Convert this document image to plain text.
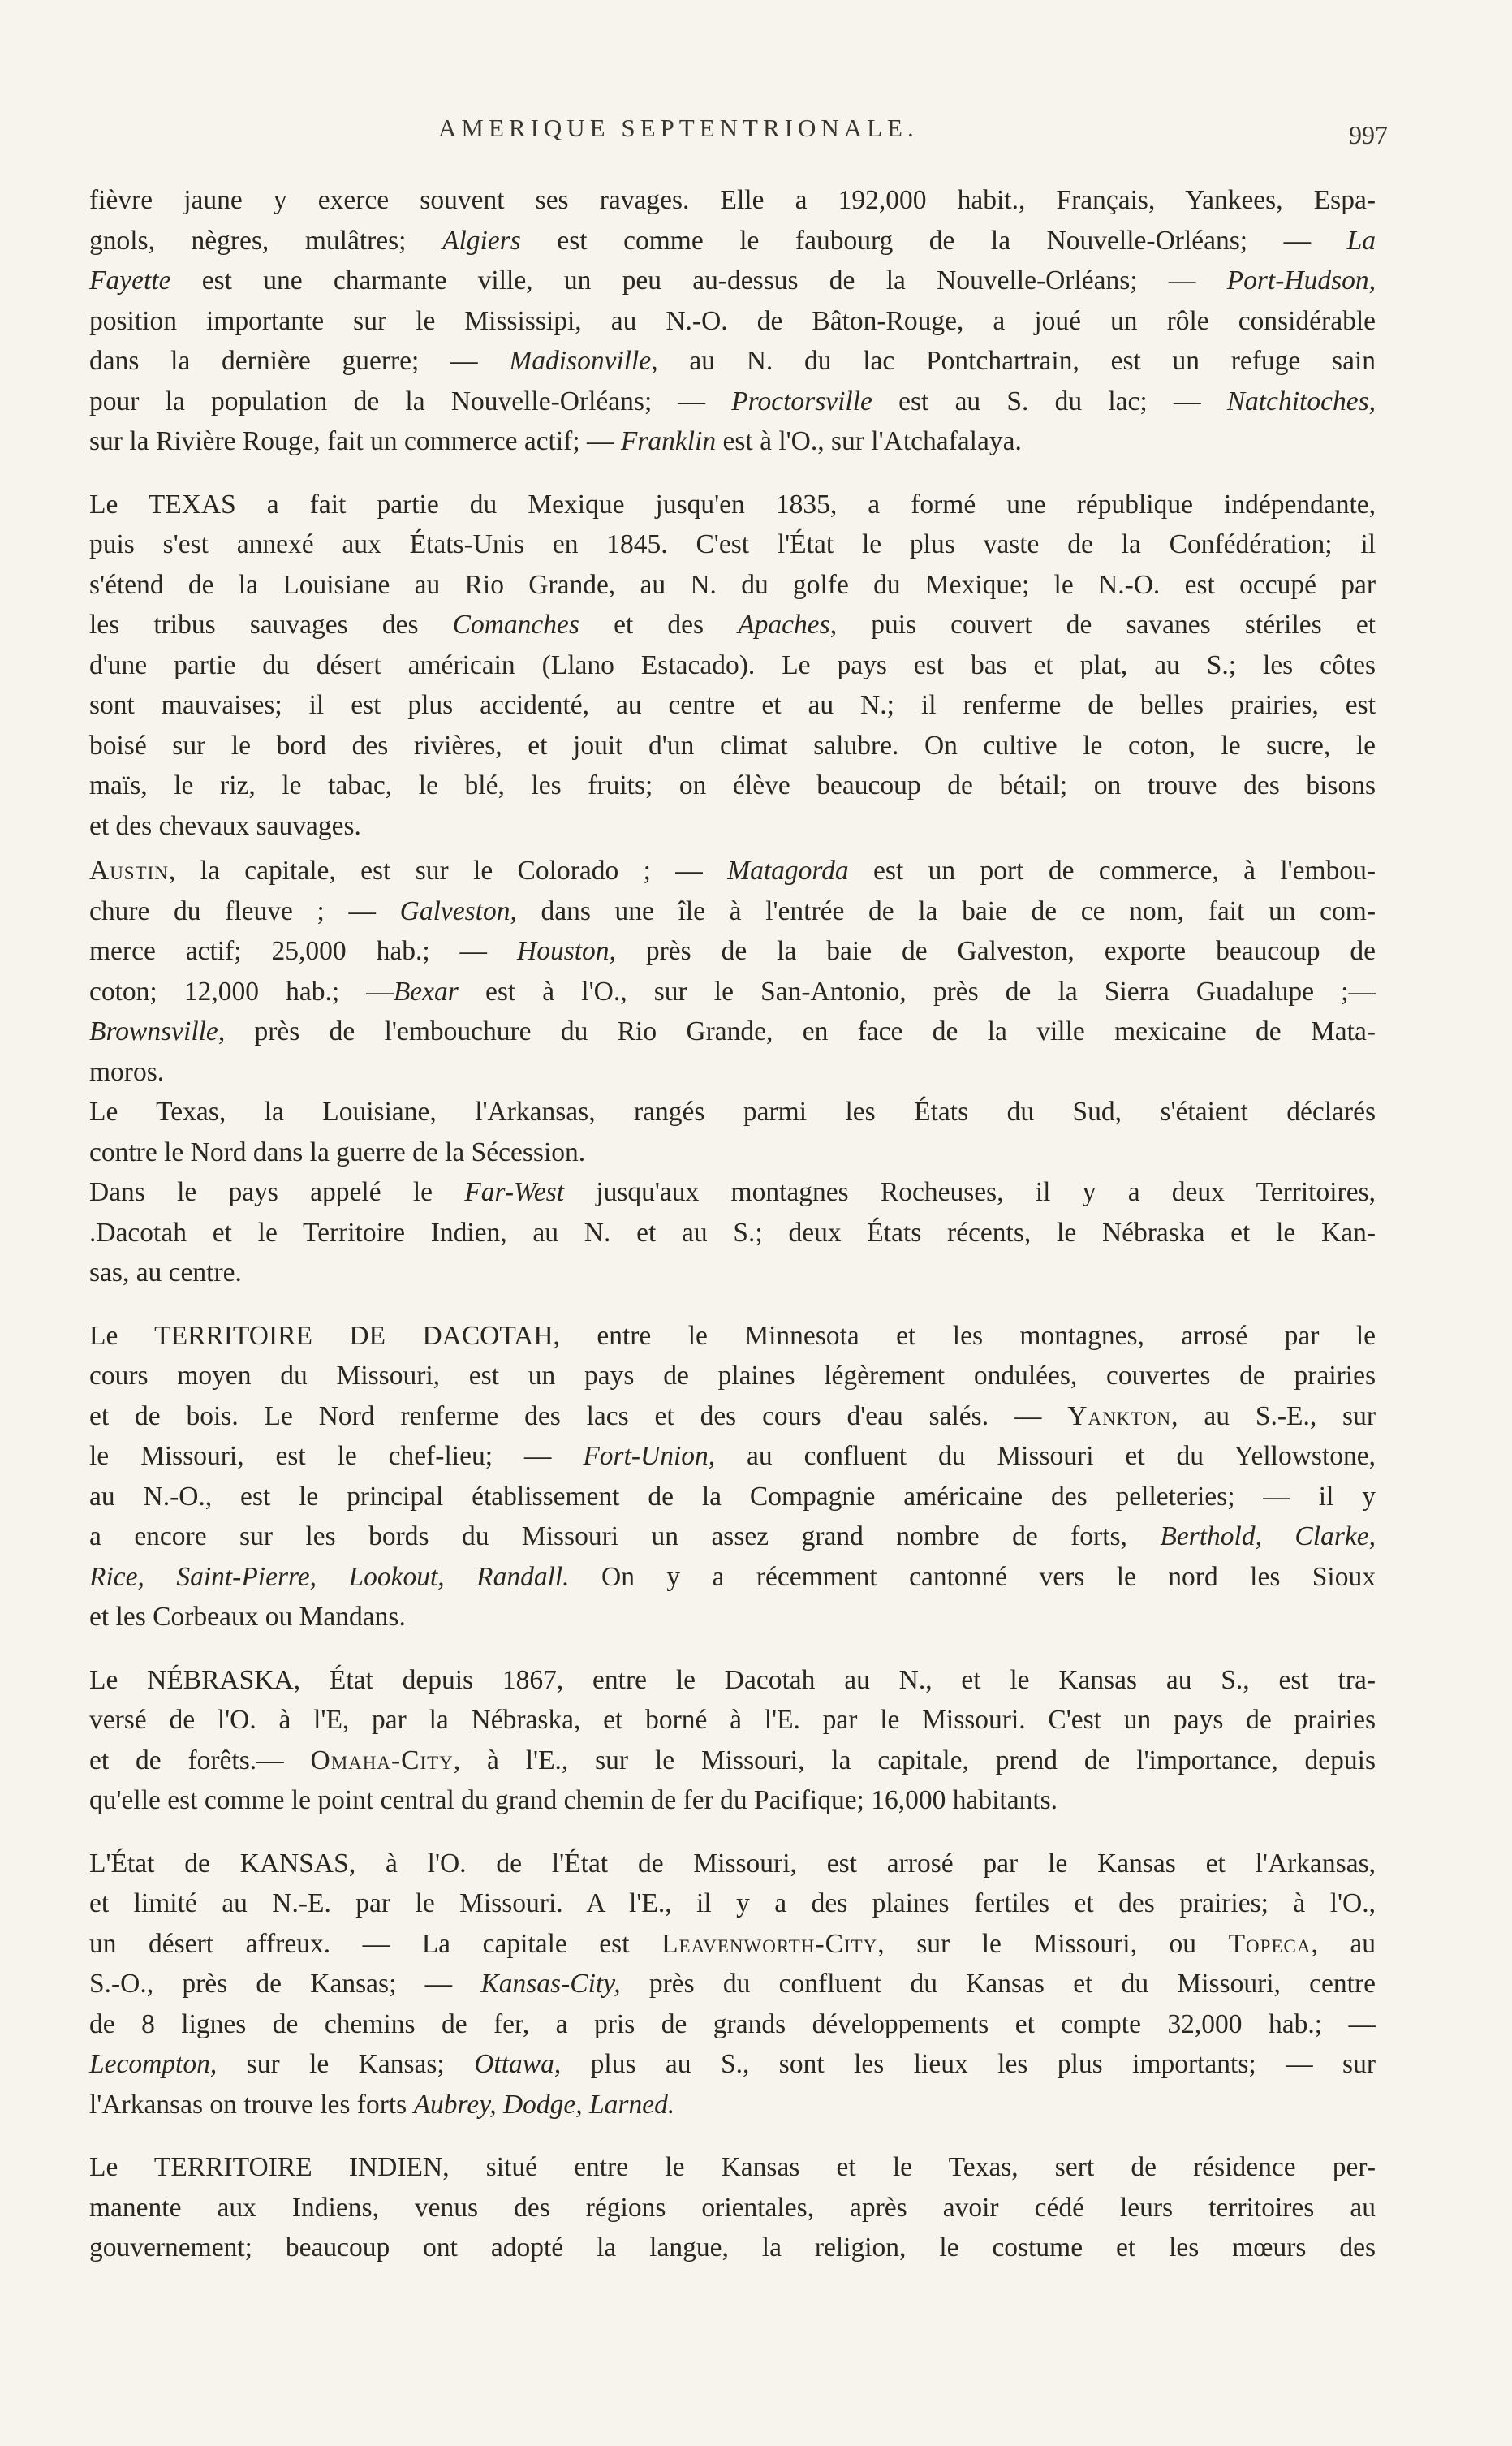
AMERIQUE SEPTENTRIONALE.	997
fièvre jaune y exerce souvent ses ravages. Elle a 192,000 habit., Français, Yankees, Espa-
gnols, nègres, mulâtres; Algiers est comme le faubourg de la Nouvelle-Orléans; — La
Fayette est une charmante ville, un peu au-dessus de la Nouvelle-Orléans; — Port-Hudson,
position importante sur le Mississipi, au N.-O. de Bâton-Rouge, a joué un rôle considérable
dans la dernière guerre; — Madisonville, au N. du lac Pontchartrain, est un refuge sain
pour la population de la Nouvelle-Orléans; — Proctorsville est au S. du lac; — Natchitoches,
sur la Rivière Rouge, fait un commerce actif; — Franklin est à l'O., sur l'Atchafalaya.
Le TEXAS a fait partie du Mexique jusqu'en 1835, a formé une république indépendante,
puis s'est annexé aux États-Unis en 1845. C'est l'État le plus vaste de la Confédération; il
s'étend de la Louisiane au Rio Grande, au N. du golfe du Mexique; le N.-O. est occupé par
les tribus sauvages des Comanches et des Apaches, puis couvert de savanes stériles et
d'une partie du désert américain (Llano Estacado). Le pays est bas et plat, au S.; les côtes
sont mauvaises; il est plus accidenté, au centre et au N.; il renferme de belles prairies, est
boisé sur le bord des rivières, et jouit d'un climat salubre. On cultive le coton, le sucre, le
maïs, le riz, le tabac, le blé, les fruits; on élève beaucoup de bétail; on trouve des bisons
et des chevaux sauvages.
Austin, la capitale, est sur le Colorado ; — Matagorda est un port de commerce, à l'embou-
chure du fleuve ; — Galveston, dans une île à l'entrée de la baie de ce nom, fait un com-
merce actif; 25,000 hab.; — Houston, près de la baie de Galveston, exporte beaucoup de
coton; 12,000 hab.; —Bexar est à l'O., sur le San-Antonio, près de la Sierra Guadalupe ;—
Brownsville, près de l'embouchure du Rio Grande, en face de la ville mexicaine de Mata-
moros.
Le Texas, la Louisiane, l'Arkansas, rangés parmi les États du Sud, s'étaient déclarés
contre le Nord dans la guerre de la Sécession.
Dans le pays appelé le Far-West jusqu'aux montagnes Rocheuses, il y a deux Territoires,
.Dacotah et le Territoire Indien, au N. et au S.; deux États récents, le Nébraska et le Kan-
sas, au centre.
Le TERRITOIRE DE DACOTAH, entre le Minnesota et les montagnes, arrosé par le
cours moyen du Missouri, est un pays de plaines légèrement ondulées, couvertes de prairies
et de bois. Le Nord renferme des lacs et des cours d'eau salés. — Yankton, au S.-E., sur
le Missouri, est le chef-lieu; — Fort-Union, au confluent du Missouri et du Yellowstone,
au N.-O., est le principal établissement de la Compagnie américaine des pelleteries; — il y
a encore sur les bords du Missouri un assez grand nombre de forts, Berthold, Clarke,
Rice, Saint-Pierre, Lookout, Randall. On y a récemment cantonné vers le nord les Sioux
et les Corbeaux ou Mandans.
Le NÉBRASKA, État depuis 1867, entre le Dacotah au N., et le Kansas au S., est tra-
versé de l'O. à l'E, par la Nébraska, et borné à l'E. par le Missouri. C'est un pays de prairies
et de forêts.— Omaha-City, à l'E., sur le Missouri, la capitale, prend de l'importance, depuis
qu'elle est comme le point central du grand chemin de fer du Pacifique; 16,000 habitants.
L'État de KANSAS, à l'O. de l'État de Missouri, est arrosé par le Kansas et l'Arkansas,
et limité au N.-E. par le Missouri. A l'E., il y a des plaines fertiles et des prairies; à l'O.,
un désert affreux. — La capitale est Leavenworth-City, sur le Missouri, ou Topeca, au
S.-O., près de Kansas; — Kansas-City, près du confluent du Kansas et du Missouri, centre
de 8 lignes de chemins de fer, a pris de grands développements et compte 32,000 hab.; —
Lecompton, sur le Kansas; Ottawa, plus au S., sont les lieux les plus importants; — sur
l'Arkansas on trouve les forts Aubrey, Dodge, Larned.
Le TERRITOIRE INDIEN, situé entre le Kansas et le Texas, sert de résidence per-
manente aux Indiens, venus des régions orientales, après avoir cédé leurs territoires au
gouvernement; beaucoup ont adopté la langue, la religion, le costume et les mœurs des
